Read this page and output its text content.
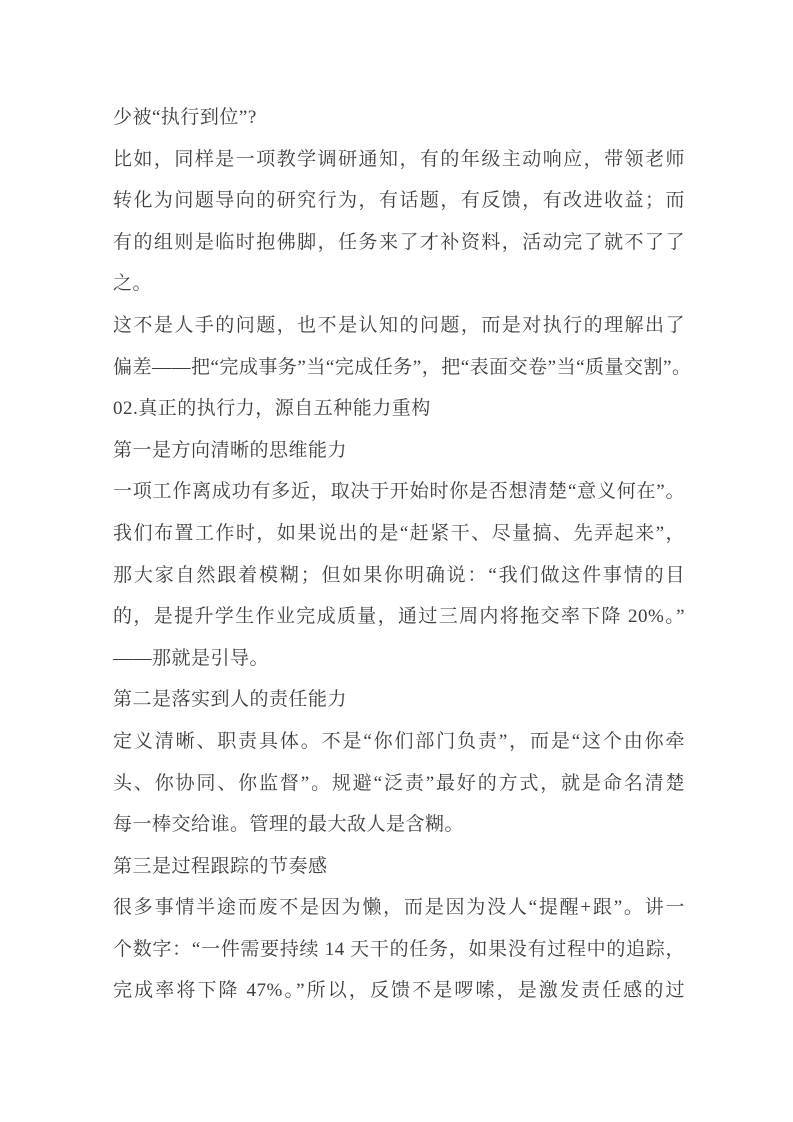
少被“执行到位”?
比如，同样是一项教学调研通知，有的年级主动响应，带领老师
转化为问题导向的研究行为，有话题，有反馈，有改进收益；而
有的组则是临时抱佛脚，任务来了才补资料，活动完了就不了了
之。
这不是人手的问题，也不是认知的问题，而是对执行的理解出了
偏差——把“完成事务”当“完成任务”，把“表面交卷”当“质量交割”。
02.真正的执行力，源自五种能力重构
第一是方向清晰的思维能力
一项工作离成功有多近，取决于开始时你是否想清楚“意义何在”。
我们布置工作时，如果说出的是“赶紧干、尽量搞、先弄起来”，
那大家自然跟着模糊；但如果你明确说：“我们做这件事情的目
的，是提升学生作业完成质量，通过三周内将拖交率下降 20%。”
——那就是引导。
第二是落实到人的责任能力
定义清晰、职责具体。不是“你们部门负责”，而是“这个由你牵
头、你协同、你监督”。规避“泛责”最好的方式，就是命名清楚
每一棒交给谁。管理的最大敌人是含糊。
第三是过程跟踪的节奏感
很多事情半途而废不是因为懒，而是因为没人“提醒+跟”。讲一
个数字：“一件需要持续 14 天干的任务，如果没有过程中的追踪，
完成率将下降 47%。”所以，反馈不是啰嗦，是激发责任感的过
